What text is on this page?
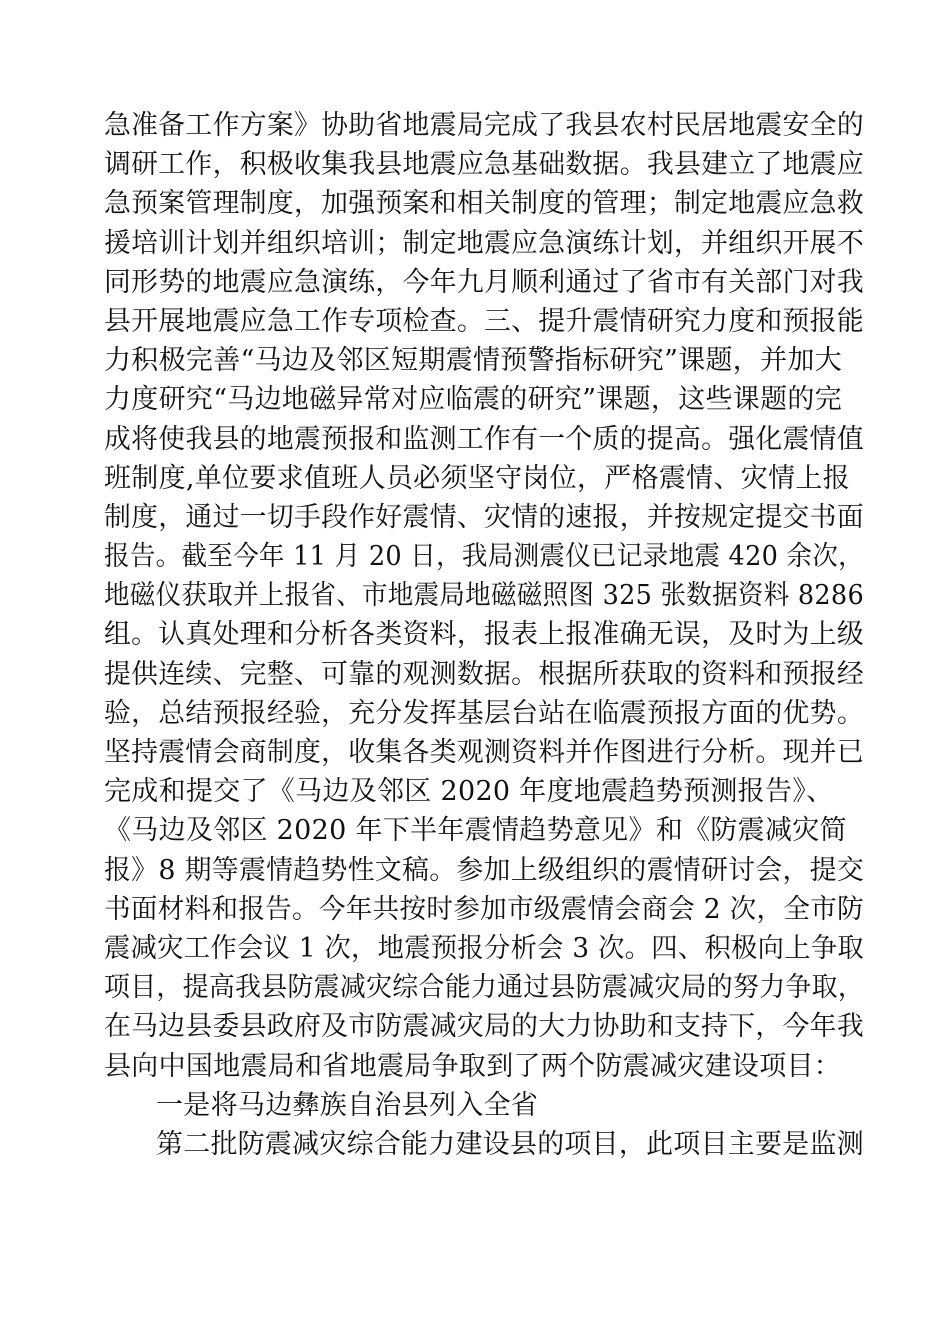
急准备工作方案》协助省地震局完成了我县农村民居地震安全的
调研工作，积极收集我县地震应急基础数据。我县建立了地震应
急预案管理制度，加强预案和相关制度的管理；制定地震应急救
援培训计划并组织培训；制定地震应急演练计划，并组织开展不
同形势的地震应急演练，今年九月顺利通过了省市有关部门对我
县开展地震应急工作专项检查。三、提升震情研究力度和预报能
力积极完善“马边及邻区短期震情预警指标研究”课题，并加大
力度研究“马边地磁异常对应临震的研究”课题，这些课题的完
成将使我县的地震预报和监测工作有一个质的提高。强化震情值
班制度,单位要求值班人员必须坚守岗位，严格震情、灾情上报
制度，通过一切手段作好震情、灾情的速报，并按规定提交书面
报告。截至今年 11 月 20 日，我局测震仪已记录地震 420 余次，
地磁仪获取并上报省、市地震局地磁磁照图 325 张数据资料 8286
组。认真处理和分析各类资料，报表上报准确无误，及时为上级
提供连续、完整、可靠的观测数据。根据所获取的资料和预报经
验，总结预报经验，充分发挥基层台站在临震预报方面的优势。
坚持震情会商制度，收集各类观测资料并作图进行分析。现并已
完成和提交了《马边及邻区 2020 年度地震趋势预测报告》、
《马边及邻区 2020 年下半年震情趋势意见》和《防震减灾简
报》8 期等震情趋势性文稿。参加上级组织的震情研讨会，提交
书面材料和报告。今年共按时参加市级震情会商会 2 次，全市防
震减灾工作会议 1 次，地震预报分析会 3 次。四、积极向上争取
项目，提高我县防震减灾综合能力通过县防震减灾局的努力争取，
在马边县委县政府及市防震减灾局的大力协助和支持下，今年我
县向中国地震局和省地震局争取到了两个防震减灾建设项目：
一是将马边彝族自治县列入全省
第二批防震减灾综合能力建设县的项目，此项目主要是监测
